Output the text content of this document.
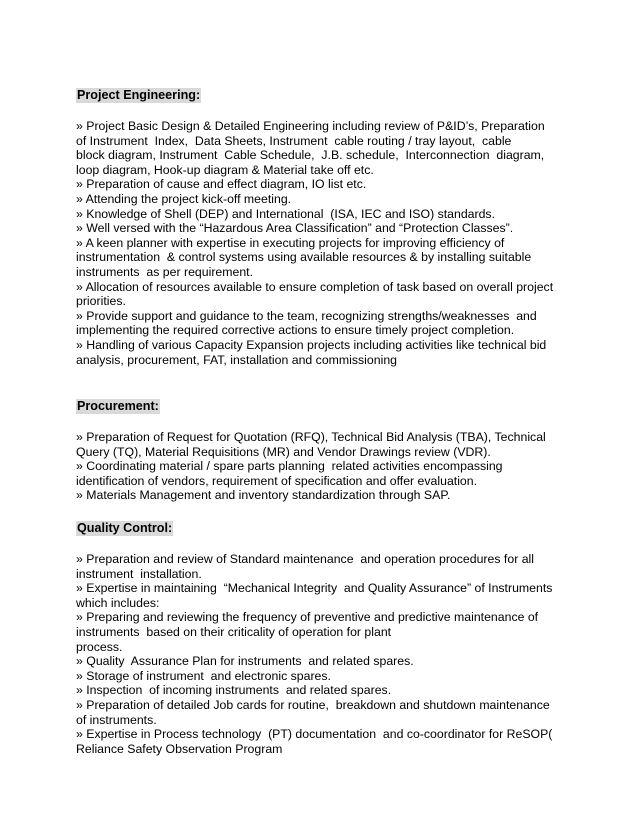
Project Engineering:
» Project Basic Design & Detailed Engineering including review of P&ID’s, Preparation
of Instrument  Index,  Data Sheets, Instrument  cable routing / tray layout,  cable
block diagram, Instrument  Cable Schedule,  J.B. schedule,  Interconnection  diagram,
loop diagram, Hook-up diagram & Material take off etc.
» Preparation of cause and effect diagram, IO list etc.
» Attending the project kick-off meeting.
» Knowledge of Shell (DEP) and International  (ISA, IEC and ISO) standards.
» Well versed with the “Hazardous Area Classification” and “Protection Classes”.
» A keen planner with expertise in executing projects for improving efficiency of
instrumentation  & control systems using available resources & by installing suitable
instruments  as per requirement.
» Allocation of resources available to ensure completion of task based on overall project
priorities.
» Provide support and guidance to the team, recognizing strengths/weaknesses  and
implementing the required corrective actions to ensure timely project completion.
» Handling of various Capacity Expansion projects including activities like technical bid
analysis, procurement, FAT, installation and commissioning
Procurement:
» Preparation of Request for Quotation (RFQ), Technical Bid Analysis (TBA), Technical
Query (TQ), Material Requisitions (MR) and Vendor Drawings review (VDR).
» Coordinating material / spare parts planning  related activities encompassing
identification of vendors, requirement of specification and offer evaluation.
» Materials Management and inventory standardization through SAP.
Quality Control:
» Preparation and review of Standard maintenance  and operation procedures for all
instrument  installation.
» Expertise in maintaining  “Mechanical Integrity  and Quality Assurance” of Instruments
which includes:
» Preparing and reviewing the frequency of preventive and predictive maintenance of
instruments  based on their criticality of operation for plant
process.
» Quality  Assurance Plan for instruments  and related spares.
» Storage of instrument  and electronic spares.
» Inspection  of incoming instruments  and related spares.
» Preparation of detailed Job cards for routine,  breakdown and shutdown maintenance
of instruments.
» Expertise in Process technology  (PT) documentation  and co-coordinator for ReSOP(
Reliance Safety Observation Program
